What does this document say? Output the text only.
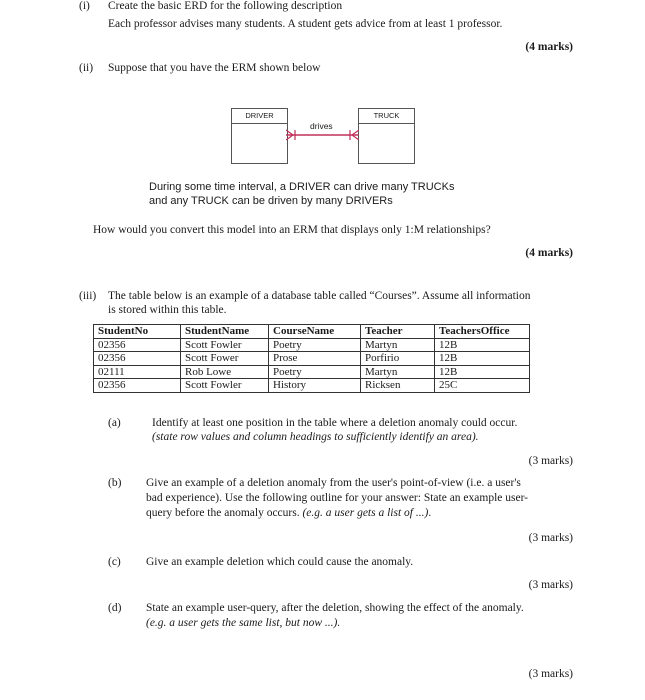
(i) Create the basic ERD for the following description
Each professor advises many students. A student gets advice from at least 1 professor.
(4 marks)
(ii) Suppose that you have the ERM shown below
DRIVER	TRUCK
drives
During some time interval, a DRIVER can drive many TRUCKs
and any TRUCK can be driven by many DRIVERs
How would you convert this model into an ERM that displays only 1:M relationships?
(4 marks)
(iii) The table below is an example of a database table called “Courses”. Assume all information
is stored within this table.
StudentNo	StudentName	CourseName	Teacher	TeachersOffice
02356	Scott Fowler	Poetry	Martyn	12B
02356	Scott Fower	Prose	Porfirio	12B
02111	Rob Lowe	Poetry	Martyn	12B
02356	Scott Fowler	History	Ricksen	25C
(a)	Identify at least one position in the table where a deletion anomaly could occur.
(state row values and column headings to sufficiently identify an area).
(3 marks)
(b) Give an example of a deletion anomaly from the user's point-of-view (i.e. a user's
bad experience). Use the following outline for your answer: State an example user-
query before the anomaly occurs. (e.g. a user gets a list of ...).
(3 marks)
(c) Give an example deletion which could cause the anomaly.
(3 marks)
(d) State an example user-query, after the deletion, showing the effect of the anomaly.
(e.g. a user gets the same list, but now ...).
(3 marks)
